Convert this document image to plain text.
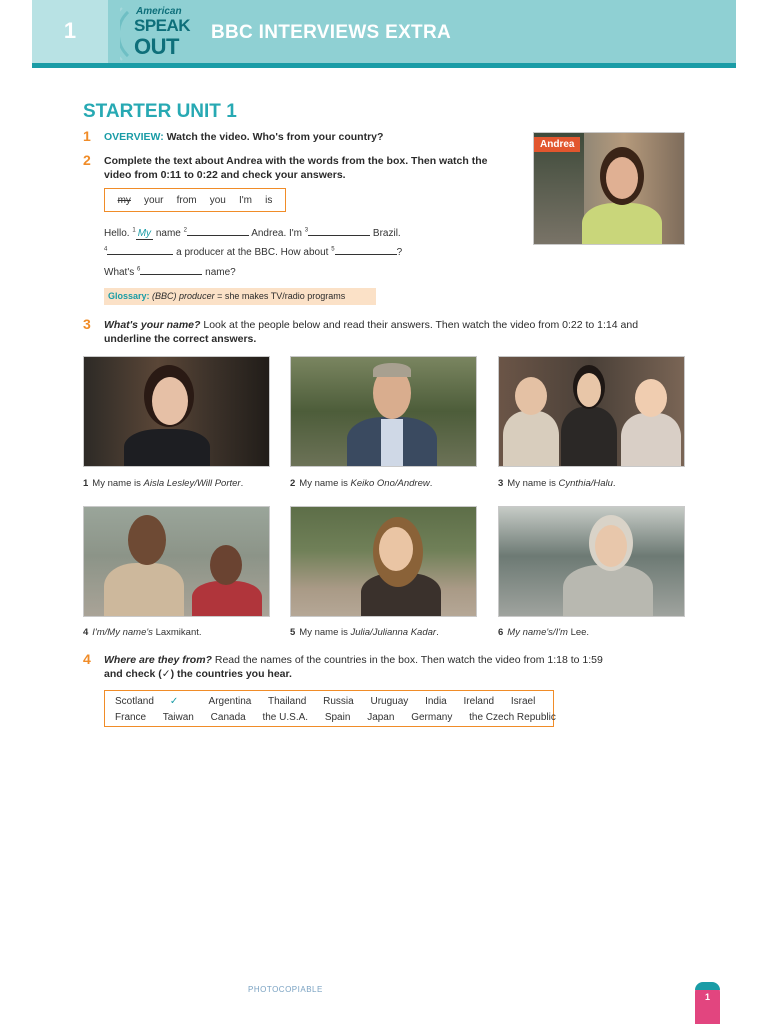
1
American
SPEAK
OUT
BBC INTERVIEWS EXTRA
STARTER UNIT 1
1 OVERVIEW: Watch the video. Who's from your country?
2 Complete the text about Andrea with the words from the box. Then watch the
video from 0:11 to 0:22 and check your answers.
my your from you I'm is
Hello. $^1$ My name $^2$	Andrea. I'm $^3$	Brazil.
$^4$	a producer at the BBC. How about $^5$	?
What's $^6$	name?
Glossary: (BBC) producer = she makes TV/radio programs
Andrea
3 What's your name? Look at the people below and read their answers. Then watch the video from 0:22 to 1:14 and
underline the correct answers.
1 My name is Aisla Lesley/Will Porter.	2 My name is Keiko Ono/Andrew.	3 My name is Cynthia/Halu.
4 I'm/My name's Laxmikant.	5 My name is Julia/Julianna Kadar.	6 My name's/I'm Lee.
4 Where are they from? Read the names of the countries in the box. Then watch the video from 1:18 to 1:59
and check (✓) the countries you hear.
Scotland ✓	Argentina Thailand Russia Uruguay India Ireland Israel
France Taiwan Canada the U.S.A. Spain Japan Germany the Czech Republic
PHOTOCOPIABLE
1
